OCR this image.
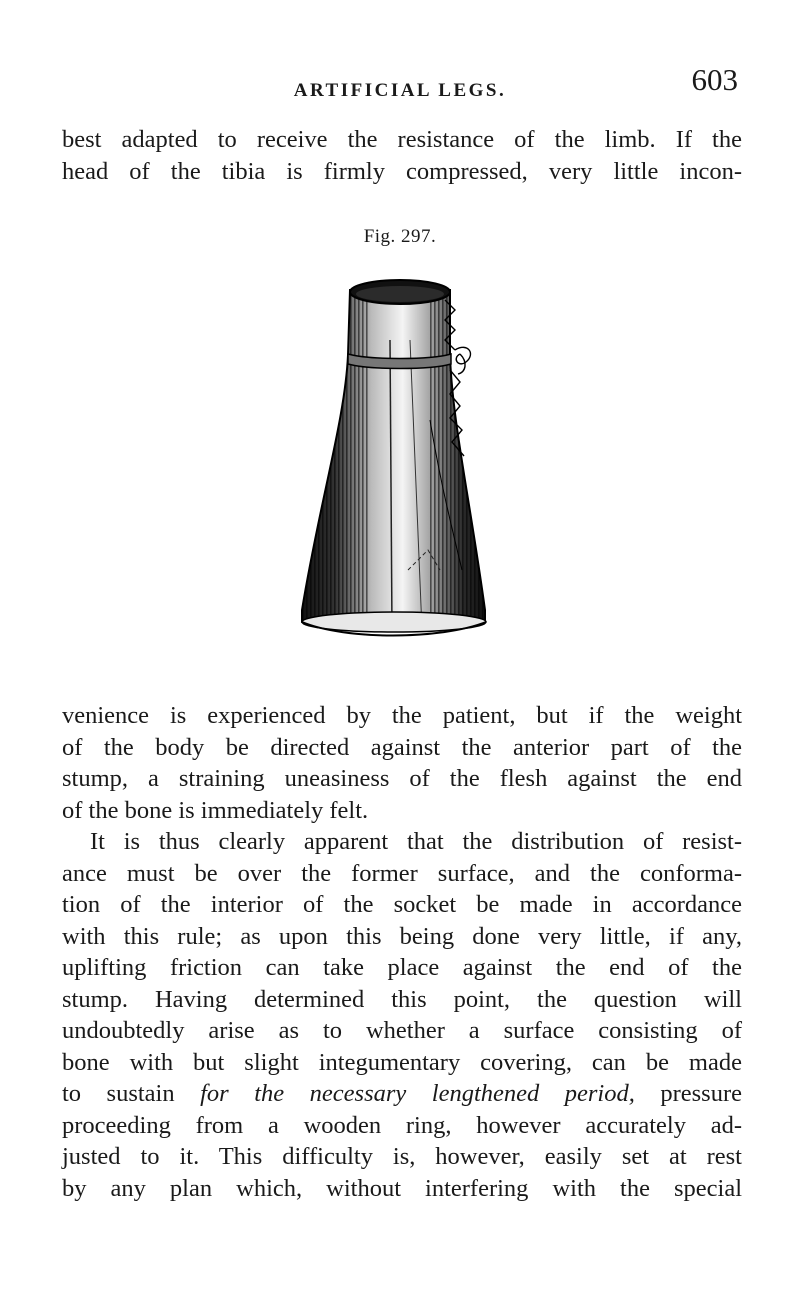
ARTIFICIAL LEGS.	603

best adapted to receive the resistance of the limb. If the
head of the tibia is firmly compressed, very little incon-

Fig. 297.

venience is experienced by the patient, but if the weight
of the body be directed against the anterior part of the
stump, a straining uneasiness of the flesh against the end
of the bone is immediately felt.

It is thus clearly apparent that the distribution of resist-
ance must be over the former surface, and the conforma-
tion of the interior of the socket be made in accordance
with this rule; as upon this being done very little, if any,
uplifting friction can take place against the end of the
stump. Having determined this point, the question will
undoubtedly arise as to whether a surface consisting of
bone with but slight integumentary covering, can be made
to sustain for the necessary lengthened period, pressure
proceeding from a wooden ring, however accurately ad-
justed to it. This difficulty is, however, easily set at rest
by any plan which, without interfering with the special
